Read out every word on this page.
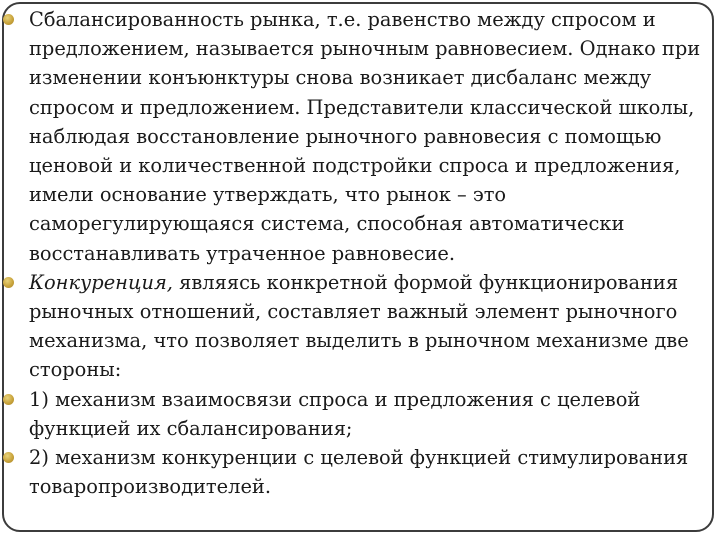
Сбалансированность рынка, т.е. равенство между спросом и предложением, называется рыночным равновесием. Однако при изменении конъюнктуры снова возникает дисбаланс между спросом и предложением. Представители классической школы, наблюдая восстановление рыночного равновесия с помощью ценовой и количественной подстройки спроса и предложения, имели основание утверждать, что рынок – это саморегулирующаяся система, способная автоматически восстанавливать утраченное равновесие.
Конкуренция, являясь конкретной формой функционирования рыночных отношений, составляет важный элемент рыночного механизма, что позволяет выделить в рыночном механизме две стороны:
1) механизм взаимосвязи спроса и предложения с целевой функцией их сбалансирования;
2) механизм конкуренции с целевой функцией стимулирования товаропроизводителей.
